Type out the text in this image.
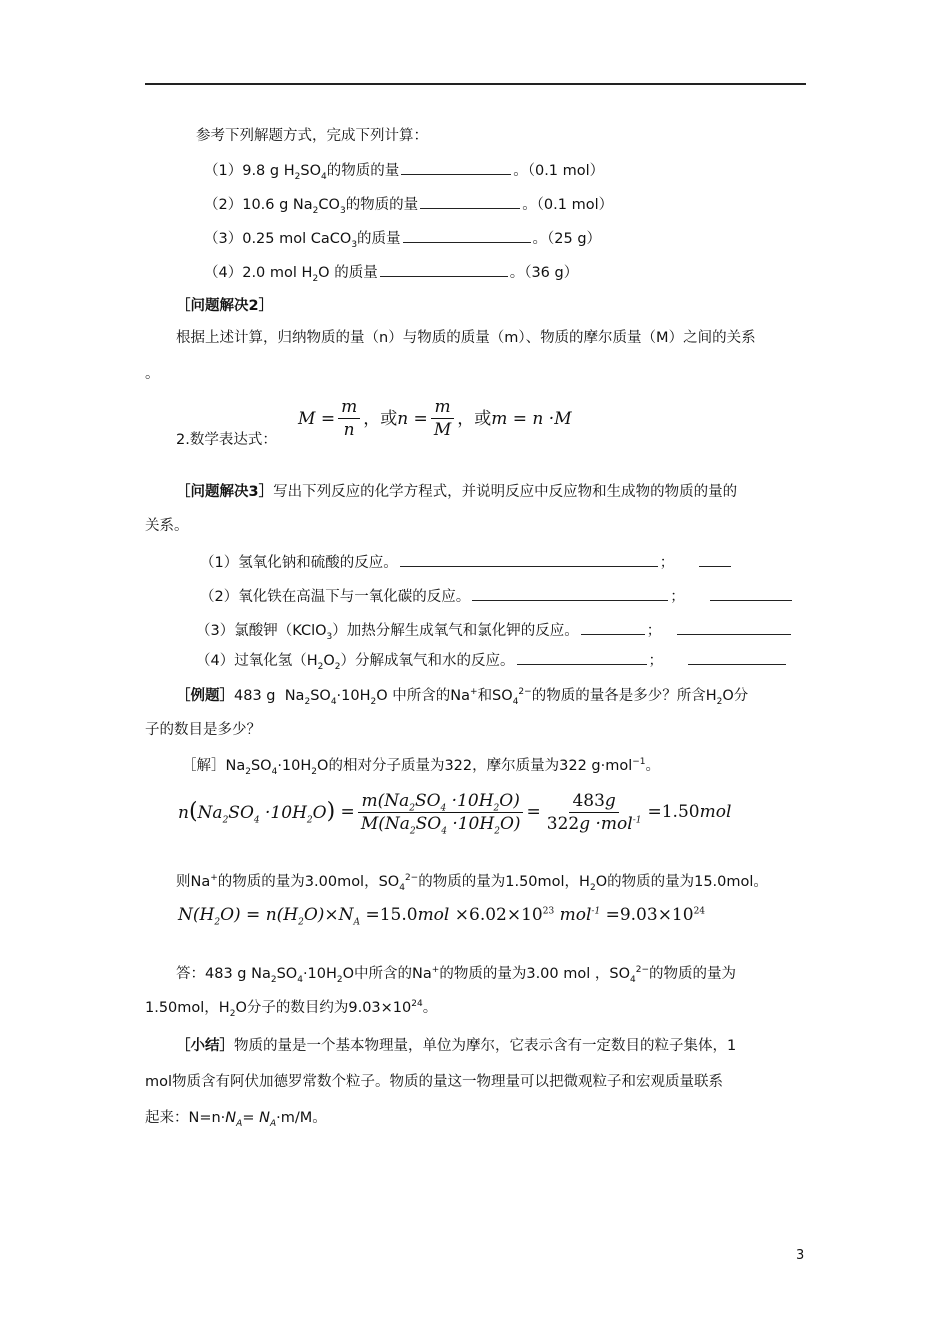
参考下列解题方式，完成下列计算：
（1）9.8 g $H_2SO_4$的物质的量	。（0.1 mol）
（2）10.6 g $Na_2CO_3$的物质的量	。（0.1 mol）
（3）0.25 mol CaCO$_3$的质量	。（25 g）
（4）2.0 mol $H_2O$ 的质量	。（36 g）
［问题解决2］
根据上述计算，归纳物质的量（n）与物质的质量（m）、物质的摩尔质量（M）之间的关系
。
2.数学表达式：
$M = \frac{m}{n}$ ，或 $n = \frac{m}{M}$ ，或 m = n · M
［问题解决3］写出下列反应的化学方程式，并说明反应中反应物和生成物的物质的量的
关系。
（1）氢氧化钠和硫酸的反应。	；
（2）氧化铁在高温下与一氧化碳的反应。	；
（3）氯酸钾（KClO$_3$）加热分解生成氧气和氯化钾的反应。	；
（4）过氧化氢$(H_2O_2)$分解成氧气和水的反应。	；
［例题］483 g  $Na_2SO_4\cdot 10H_2O$ 中所含的Na+和$SO_4^{2-}$的物质的量各是多少？所含$H_2O$分
子的数目是多少？
［解$]Na_2SO_4\cdot 10H_2O$的相对分子质量为322，摩尔质量为322 g·mol$^{-1}$。
$n(Na_2SO_4 \cdot 10H_2O) = \frac{m(Na_2SO_4 \cdot 10H_2O)}{M(Na_2SO_4 \cdot 10H_2O)} = \frac{483g}{322g \cdot mol^{-1}} =1.50$ mol
则Na+的物质的量为3.00mol，$SO_4^{2-}$的物质的量为1.50mol，$H_2O$的物质的量为15.0mol。
$N(H_2O) = n(H_2O)\times N_A =15.0mol \times 6.02\times 10^{23}$ $mol^{-1} =9.03\times 10^{24}$
答：483 g $Na_2SO_4\cdot 10H_2O$中所含的Na+的物质的量为3.00 mol ，$SO_4^{2-}$的物质的量为
1.50mol，$H_2O$分子的数目约为$9.03\times 10^{24}$。
［小结］物质的量是一个基本物理量，单位为摩尔，它表示含有一定数目的粒子集体，1
mol物质含有阿伏加德罗常数个粒子。物质的量这一物理量可以把微观粒子和宏观质量联系
起来：$N=n\cdot N_A= N_A\cdot m/M$。
3
